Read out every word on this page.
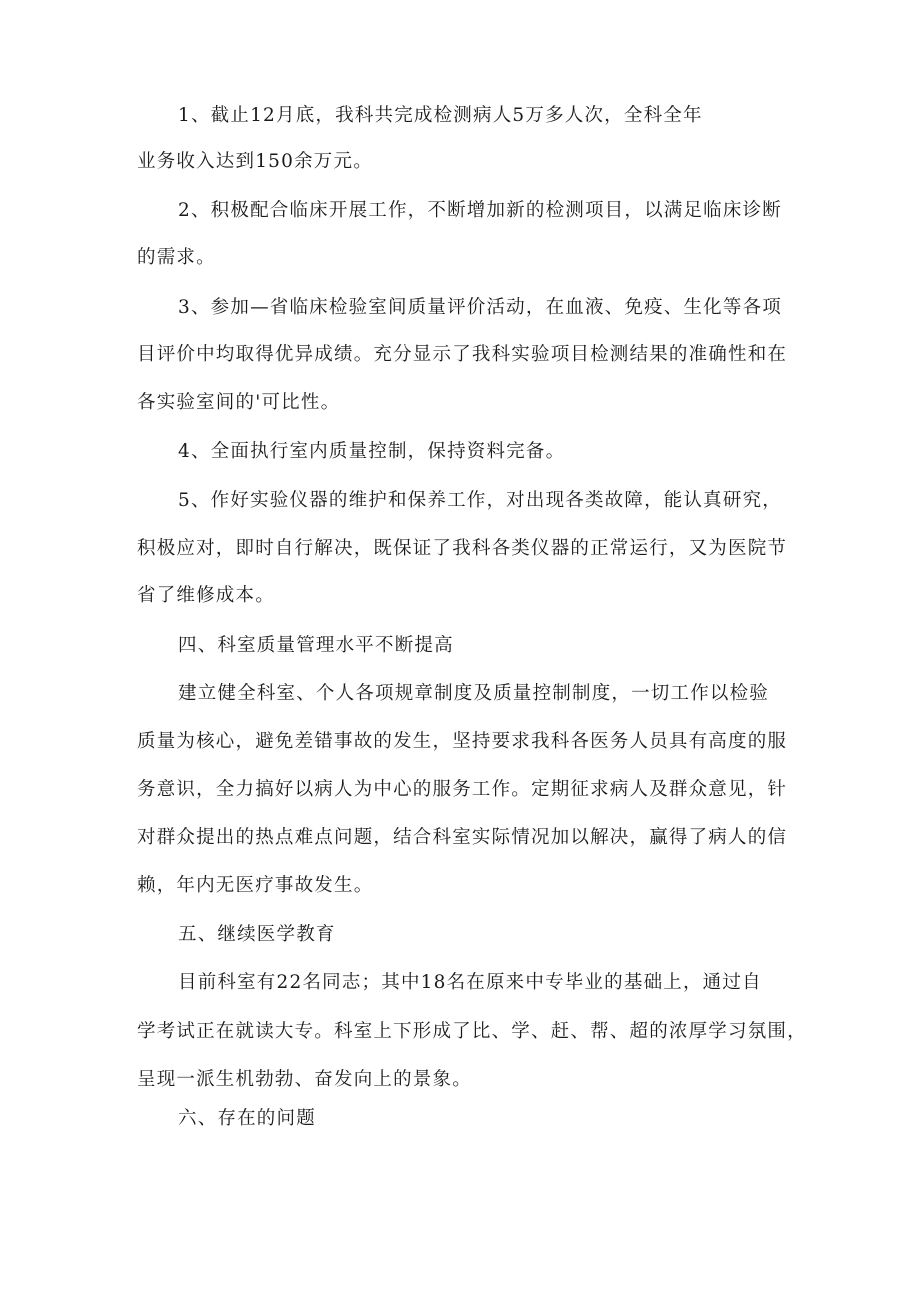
1、截止12月底，我科共完成检测病人5万多人次，全科全年
业务收入达到150余万元。
2、积极配合临床开展工作，不断增加新的检测项目，以满足临床诊断
的需求。
3、参加—省临床检验室间质量评价活动，在血液、免疫、生化等各项
目评价中均取得优异成绩。充分显示了我科实验项目检测结果的准确性和在
各实验室间的'可比性。
4、全面执行室内质量控制，保持资料完备。
5、作好实验仪器的维护和保养工作，对出现各类故障，能认真研究，
积极应对，即时自行解决，既保证了我科各类仪器的正常运行，又为医院节
省了维修成本。
四、科室质量管理水平不断提高
建立健全科室、个人各项规章制度及质量控制制度，一切工作以检验
质量为核心，避免差错事故的发生，坚持要求我科各医务人员具有高度的服
务意识，全力搞好以病人为中心的服务工作。定期征求病人及群众意见，针
对群众提出的热点难点问题，结合科室实际情况加以解决，赢得了病人的信
赖，年内无医疗事故发生。
五、继续医学教育
目前科室有22名同志；其中18名在原来中专毕业的基础上，通过自
学考试正在就读大专。科室上下形成了比、学、赶、帮、超的浓厚学习氛围，
呈现一派生机勃勃、奋发向上的景象。
六、存在的问题
